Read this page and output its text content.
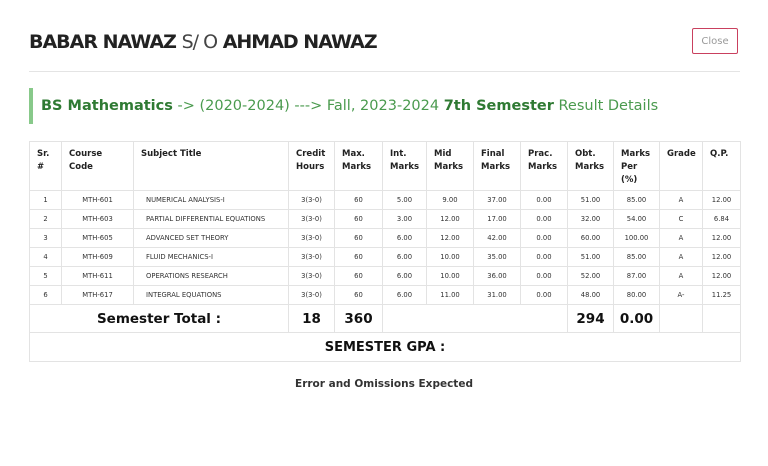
BABAR NAWAZ S/ O AHMAD NAWAZ	Close
BS Mathematics
-> (2020-2024) ---> Fall, 2023-2024
7th Semester
Result Details
Sr. #	Course Code	Subject Title	Credit Hours	Max. Marks	Int. Marks	Mid Marks	Final Marks	Prac. Marks	Obt. Marks	Marks Per (%)	Grade	Q.P.
1	MTH-601	NUMERICAL ANALYSIS-I	3(3-0)	60	5.00	9.00	37.00	0.00	51.00	85.00	A	12.00
2	MTH-603	PARTIAL DIFFERENTIAL EQUATIONS	3(3-0)	60	3.00	12.00	17.00	0.00	32.00	54.00	C	6.84
3	MTH-605	ADVANCED SET THEORY	3(3-0)	60	6.00	12.00	42.00	0.00	60.00	100.00	A	12.00
4	MTH-609	FLUID MECHANICS-I	3(3-0)	60	6.00	10.00	35.00	0.00	51.00	85.00	A	12.00
5	MTH-611	OPERATIONS RESEARCH	3(3-0)	60	6.00	10.00	36.00	0.00	52.00	87.00	A	12.00
6	MTH-617	INTEGRAL EQUATIONS	3(3-0)	60	6.00	11.00	31.00	0.00	48.00	80.00	A-	11.25
Semester Total :			18	360					294	0.00		
SEMESTER GPA :												
Error and Omissions Expected
